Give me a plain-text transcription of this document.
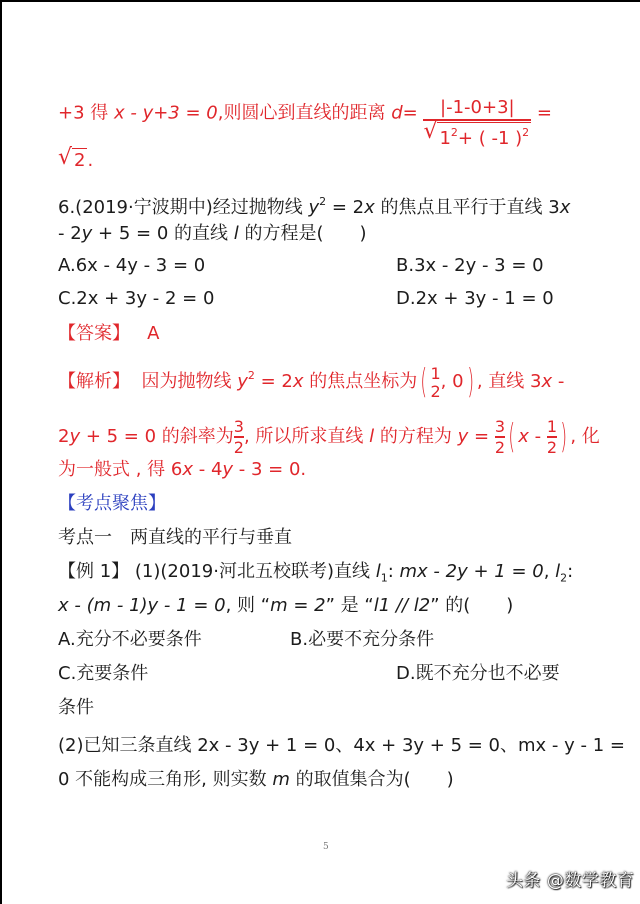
+3 得 x - y+3 = 0,则圆心到直线的距离 $d= \frac{|-1-0+3|}{√ 1^2+ ( -1 )^2}$ =
√ 2 .
6.(2019·宁波期中)经过抛物线 $y^2 = 2x$ 的焦点且平行于直线 3x
- 2y + 5 = 0 的直线 l 的方程是(　　)
A.6x - 4y - 3 = 0	B.3x - 2y - 3 = 0
C.2x + 3y - 2 = 0	D.2x + 3y - 1 = 0
【答案】 A
【解析】 因为抛物线 $y^2 = 2x$ 的焦点坐标为( $\frac{1}{2}$ , 0) , 直线 3x -
2y + 5 = 0 的斜率为 $\frac{3}{2}$ , 所以所求直线 l 的方程为 $y = \frac{3}{2}$ ( x - $\frac{1}{2}$ ) , 化
为一般式 , 得 6x - 4y - 3 = 0.
【考点聚焦】
考点一　两直线的平行与垂直
【例 1】 (1)(2019·河北五校联考)直线 $l_1$: mx - 2y + 1 = 0, $l_2$:
x - (m - 1)y - 1 = 0, 则 “m = 2” 是 “l1 // l2” 的(　　)
A.充分不必要条件	B.必要不充分条件
C.充要条件	D.既不充分也不必要
条件
(2)已知三条直线 2x - 3y + 1 = 0、4x + 3y + 5 = 0、mx - y - 1 =
0 不能构成三角形, 则实数 m 的取值集合为(　　)
5
头条 @数学教育
